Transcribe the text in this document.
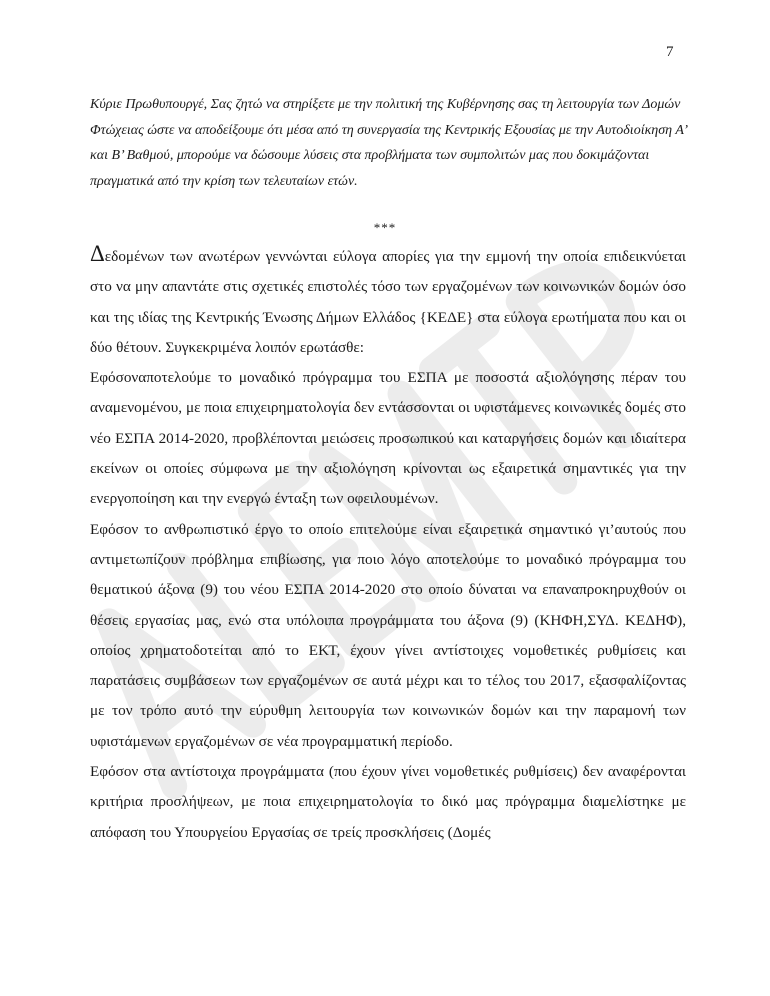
7

Κύριε Πρωθυπουργέ, Σας ζητώ να στηρίξετε με την πολιτική της Κυβέρνησης σας τη λειτουργία των Δομών Φτώχειας ώστε να αποδείξουμε ότι μέσα από τη συνεργασία της Κεντρικής Εξουσίας με την Αυτοδιοίκηση Α’ και Β’ Βαθμού, μπορούμε να δώσουμε λύσεις στα προβλήματα των συμπολιτών μας που δοκιμάζονται πραγματικά από την κρίση των τελευταίων ετών.

***

Δεδομένων των ανωτέρων γεννώνται εύλογα απορίες για την εμμονή την οποία επιδεικνύεται στο να μην απαντάτε στις σχετικές επιστολές τόσο των εργαζομένων των κοινωνικών δομών όσο και της ιδίας της Κεντρικής Ένωσης Δήμων Ελλάδος {ΚΕΔΕ} στα εύλογα ερωτήματα που και οι δύο θέτουν. Συγκεκριμένα λοιπόν ερωτάσθε:

Εφόσοναποτελούμε το μοναδικό πρόγραμμα του ΕΣΠΑ με ποσοστά αξιολόγησης πέραν του αναμενομένου, με ποια επιχειρηματολογία δεν εντάσσονται οι υφιστάμενες κοινωνικές δομές στο νέο ΕΣΠΑ 2014-2020, προβλέπονται μειώσεις προσωπικού και καταργήσεις δομών και ιδιαίτερα εκείνων οι οποίες σύμφωνα με την αξιολόγηση κρίνονται ως εξαιρετικά σημαντικές για την ενεργοποίηση και την ενεργώ ένταξη των οφειλουμένων.

Εφόσον το ανθρωπιστικό έργο το οποίο επιτελούμε είναι εξαιρετικά σημαντικό γι’αυτούς που αντιμετωπίζουν πρόβλημα επιβίωσης, για ποιο λόγο αποτελούμε το μοναδικό πρόγραμμα του θεματικού άξονα (9) του νέου ΕΣΠΑ 2014-2020 στο οποίο δύναται να επαναπροκηρυχθούν οι θέσεις εργασίας μας, ενώ στα υπόλοιπα προγράμματα του άξονα (9) (ΚΗΦΗ,ΣΥΔ. ΚΕΔΗΦ), οποίος χρηματοδοτείται από το ΕΚΤ, έχουν γίνει αντίστοιχες νομοθετικές ρυθμίσεις και παρατάσεις συμβάσεων των εργαζομένων σε αυτά μέχρι και το τέλος του 2017, εξασφαλίζοντας με τον τρόπο αυτό την εύρυθμη λειτουργία των κοινωνικών δομών και την παραμονή των υφιστάμενων εργαζομένων σε νέα προγραμματική περίοδο.

Εφόσον στα αντίστοιχα προγράμματα (που έχουν γίνει νομοθετικές ρυθμίσεις) δεν αναφέρονται κριτήρια προσλήψεων, με ποια επιχειρηματολογία το δικό μας πρόγραμμα διαμελίστηκε με απόφαση του Υπουργείου Εργασίας σε τρείς προσκλήσεις (Δομές
